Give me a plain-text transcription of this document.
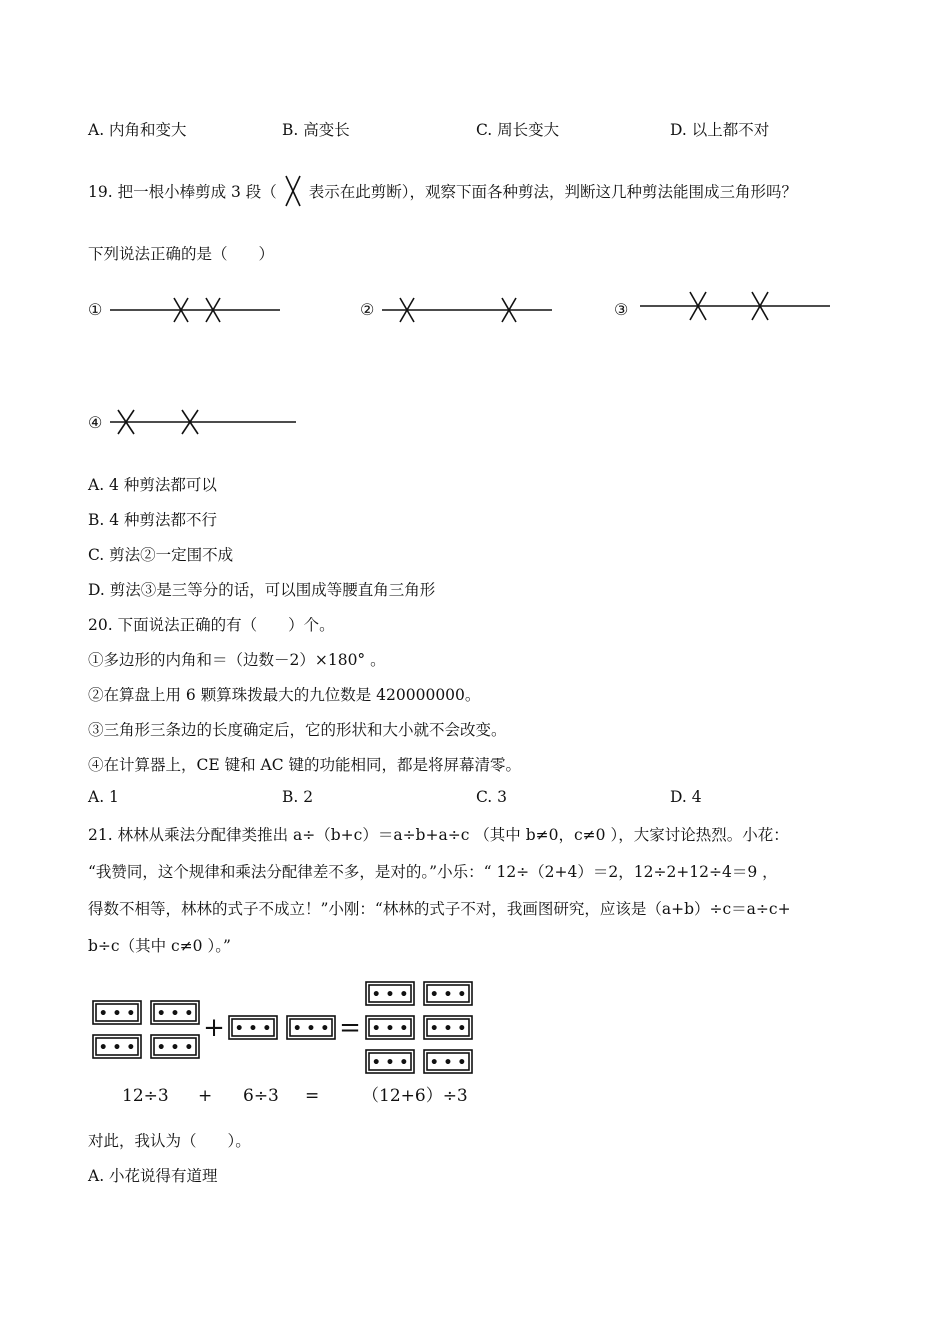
A. 内角和变大	B. 高变长	C. 周长变大	D. 以上都不对
19. 把一根小棒剪成 3 段（ 表示在此剪断），观察下面各种剪法，判断这几种剪法能围成三角形吗？
下列说法正确的是（　　）
①	②	③
④
A. 4 种剪法都可以
B. 4 种剪法都不行
C. 剪法②一定围不成
D. 剪法③是三等分的话，可以围成等腰直角三角形
20. 下面说法正确的有（　　）个。
①多边形的内角和＝（边数－2）×180° 。
②在算盘上用 6 颗算珠拨最大的九位数是 420000000。
③三角形三条边的长度确定后，它的形状和大小就不会改变。
④在计算器上，CE 键和 AC 键的功能相同，都是将屏幕清零。
A. 1	B. 2	C. 3	D. 4
21. 林林从乘法分配律类推出 a÷（b+c）＝a÷b+a÷c （其中 b≠0，c≠0 ），大家讨论热烈。小花：
“我赞同，这个规律和乘法分配律差不多，是对的。”小乐：“ 12÷（2+4）＝2，12÷2+12÷4＝9 ，
得数不相等，林林的式子不成立！”小刚：“林林的式子不对，我画图研究，应该是（a+b）÷c＝a÷c+
b÷c（其中 c≠0 ）。”
• • • • • •
• • • • • •
• • • • • •
• • • • • •
• • • • • •
• • • • • •
+	=
12÷3 + 6÷3 =	（12+6）÷3
对此，我认为（　　）。
A. 小花说得有道理
